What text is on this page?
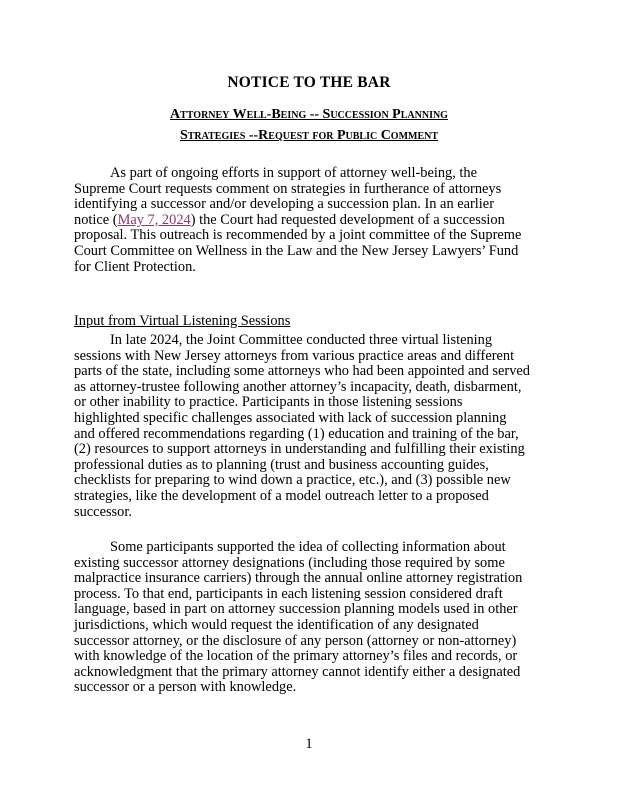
NOTICE TO THE BAR
Attorney Well-Being -- Succession Planning
Strategies --Request for Public Comment

As part of ongoing efforts in support of attorney well-being, the
Supreme Court requests comment on strategies in furtherance of attorneys
identifying a successor and/or developing a succession plan. In an earlier
notice (May 7, 2024) the Court had requested development of a succession
proposal. This outreach is recommended by a joint committee of the Supreme
Court Committee on Wellness in the Law and the New Jersey Lawyers’ Fund
for Client Protection.

Input from Virtual Listening Sessions

In late 2024, the Joint Committee conducted three virtual listening
sessions with New Jersey attorneys from various practice areas and different
parts of the state, including some attorneys who had been appointed and served
as attorney-trustee following another attorney’s incapacity, death, disbarment,
or other inability to practice. Participants in those listening sessions
highlighted specific challenges associated with lack of succession planning
and offered recommendations regarding (1) education and training of the bar,
(2) resources to support attorneys in understanding and fulfilling their existing
professional duties as to planning (trust and business accounting guides,
checklists for preparing to wind down a practice, etc.), and (3) possible new
strategies, like the development of a model outreach letter to a proposed
successor.

Some participants supported the idea of collecting information about
existing successor attorney designations (including those required by some
malpractice insurance carriers) through the annual online attorney registration
process. To that end, participants in each listening session considered draft
language, based in part on attorney succession planning models used in other
jurisdictions, which would request the identification of any designated
successor attorney, or the disclosure of any person (attorney or non-attorney)
with knowledge of the location of the primary attorney’s files and records, or
acknowledgment that the primary attorney cannot identify either a designated
successor or a person with knowledge.

1
